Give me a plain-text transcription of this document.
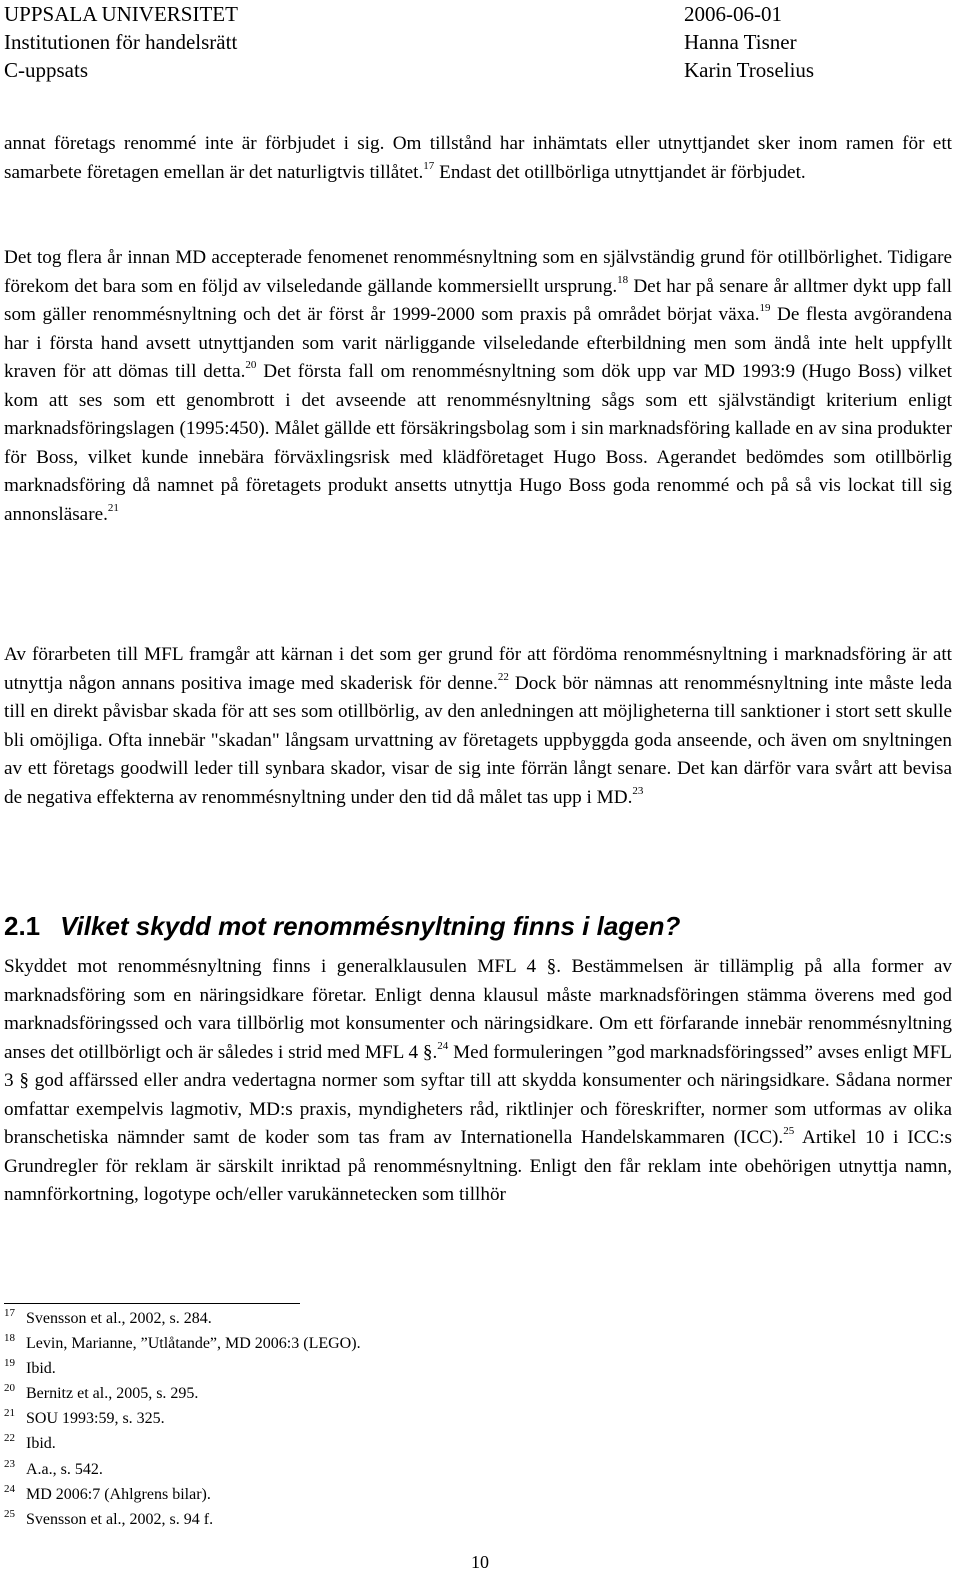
UPPSALA UNIVERSITET
Institutionen för handelsrätt
C-uppsats
2006-06-01
Hanna Tisner
Karin Troselius

annat företags renommé inte är förbjudet i sig. Om tillstånd har inhämtats eller utnyttjandet sker inom ramen för ett samarbete företagen emellan är det naturligtvis tillåtet.$^{17}$ Endast det otillbörliga utnyttjandet är förbjudet.

Det tog flera år innan MD accepterade fenomenet renommésnyltning som en självständig grund för otillbörlighet. Tidigare förekom det bara som en följd av vilseledande gällande kommersiellt ursprung.$^{18}$ Det har på senare år alltmer dykt upp fall som gäller renommésnyltning och det är först år 1999-2000 som praxis på området börjat växa.$^{19}$ De flesta avgörandena har i första hand avsett utnyttjanden som varit närliggande vilseledande efterbildning men som ändå inte helt uppfyllt kraven för att dömas till detta.$^{20}$ Det första fall om renommésnyltning som dök upp var MD 1993:9 (Hugo Boss) vilket kom att ses som ett genombrott i det avseende att renommésnyltning sågs som ett självständigt kriterium enligt marknadsföringslagen (1995:450). Målet gällde ett försäkringsbolag som i sin marknadsföring kallade en av sina produkter för Boss, vilket kunde innebära förväxlingsrisk med klädföretaget Hugo Boss. Agerandet bedömdes som otillbörlig marknadsföring då namnet på företagets produkt ansetts utnyttja Hugo Boss goda renommé och på så vis lockat till sig annonsläsare.$^{21}$

Av förarbeten till MFL framgår att kärnan i det som ger grund för att fördöma renommésnyltning i marknadsföring är att utnyttja någon annans positiva image med skaderisk för denne.$^{22}$ Dock bör nämnas att renommésnyltning inte måste leda till en direkt påvisbar skada för att ses som otillbörlig, av den anledningen att möjligheterna till sanktioner i stort sett skulle bli omöjliga. Ofta innebär "skadan" långsam urvattning av företagets uppbyggda goda anseende, och även om snyltningen av ett företags goodwill leder till synbara skador, visar de sig inte förrän långt senare. Det kan därför vara svårt att bevisa de negativa effekterna av renommésnyltning under den tid då målet tas upp i MD.$^{23}$

2.1 Vilket skydd mot renommésnyltning finns i lagen?

Skyddet mot renommésnyltning finns i generalklausulen MFL 4 §. Bestämmelsen är tillämplig på alla former av marknadsföring som en näringsidkare företar. Enligt denna klausul måste marknadsföringen stämma överens med god marknadsföringssed och vara tillbörlig mot konsumenter och näringsidkare. Om ett förfarande innebär renommésnyltning anses det otillbörligt och är således i strid med MFL 4 §.$^{24}$ Med formuleringen ”god marknadsföringssed” avses enligt MFL 3 § god affärssed eller andra vedertagna normer som syftar till att skydda konsumenter och näringsidkare. Sådana normer omfattar exempelvis lagmotiv, MD:s praxis, myndigheters råd, riktlinjer och föreskrifter, normer som utformas av olika branschetiska nämnder samt de koder som tas fram av Internationella Handelskammaren (ICC).$^{25}$ Artikel 10 i ICC:s Grundregler för reklam är särskilt inriktad på renommésnyltning. Enligt den får reklam inte obehörigen utnyttja namn, namnförkortning, logotype och/eller varukännetecken som tillhör

17 Svensson et al., 2002, s. 284.
18 Levin, Marianne, ”Utlåtande”, MD 2006:3 (LEGO).
19 Ibid.
20 Bernitz et al., 2005, s. 295.
21 SOU 1993:59, s. 325.
22 Ibid.
23 A.a., s. 542.
24 MD 2006:7 (Ahlgrens bilar).
25 Svensson et al., 2002, s. 94 f.
10
